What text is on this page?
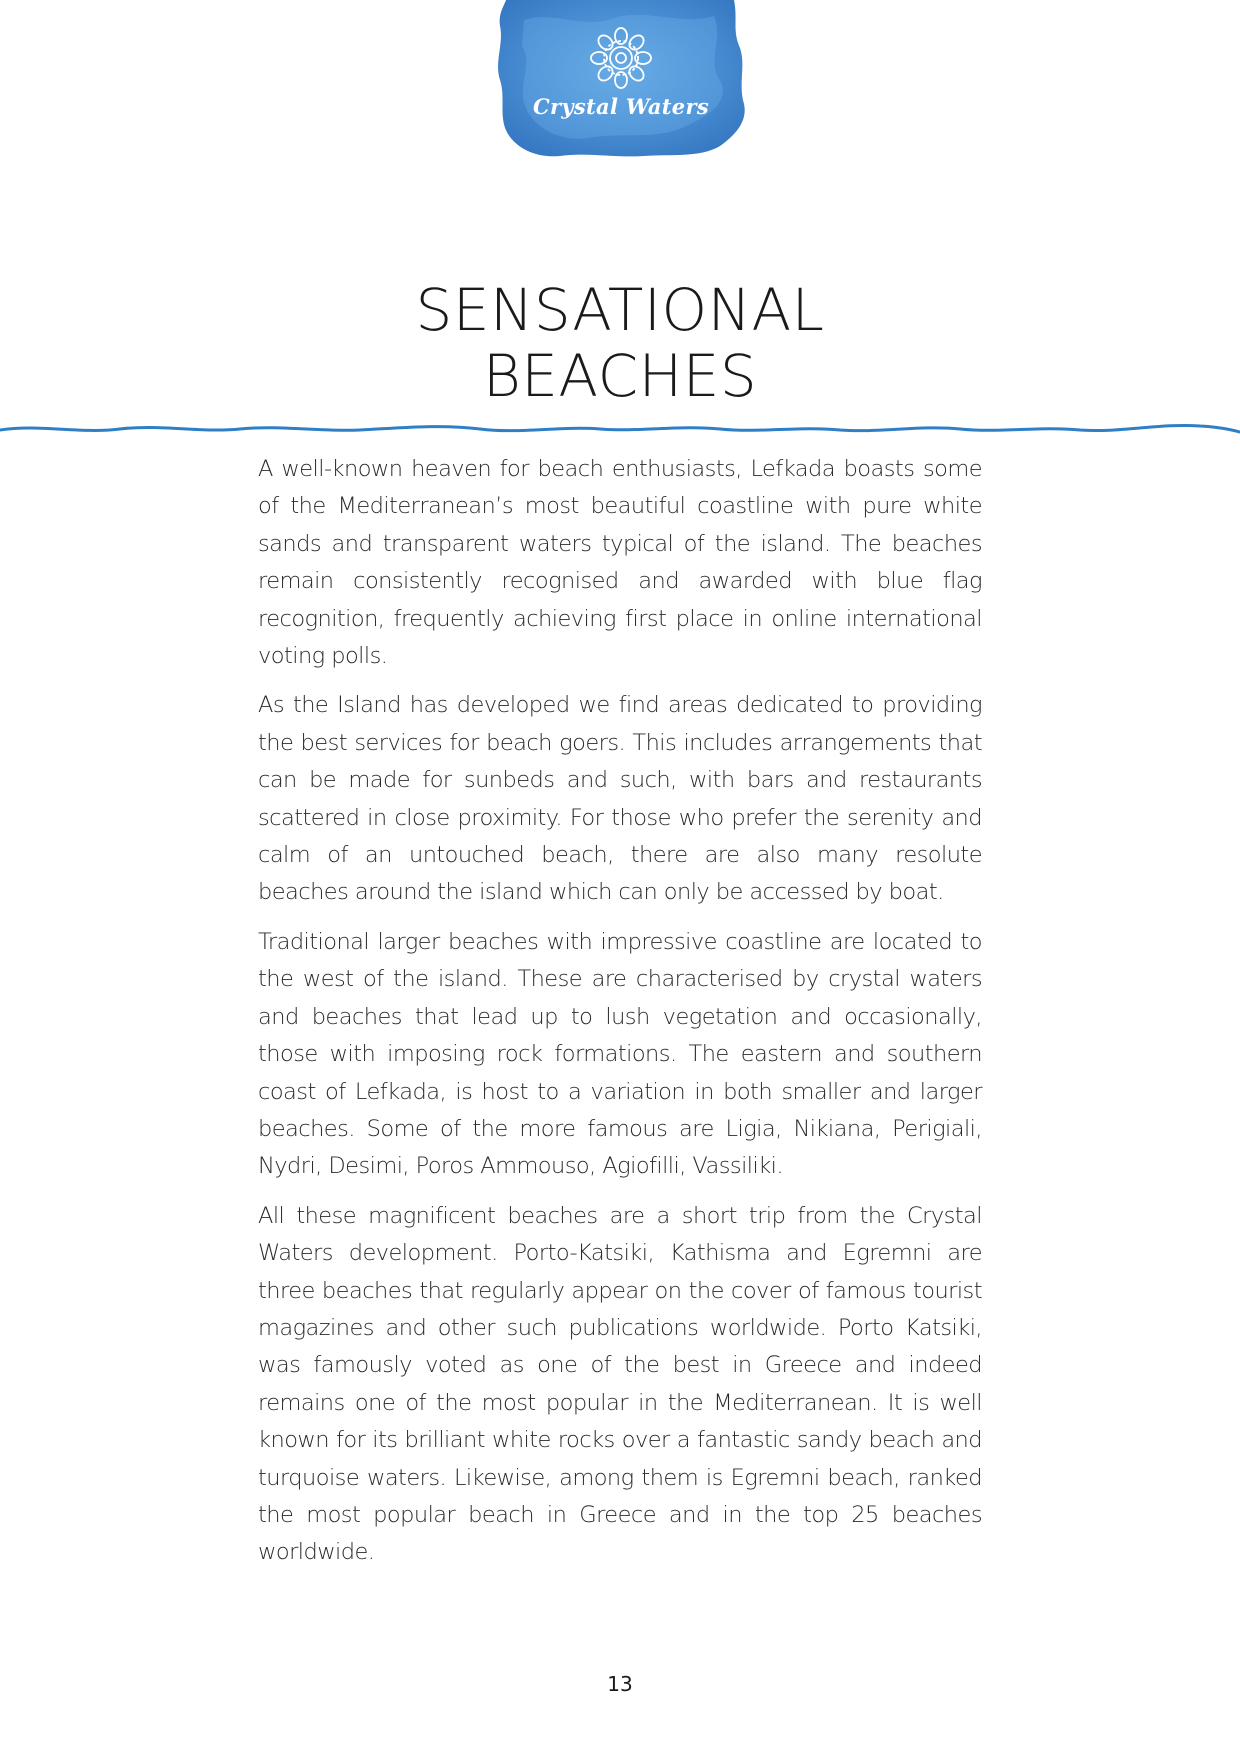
Crystal Waters
SENSATIONAL
BEACHES

A well-known heaven for beach enthusiasts, Lefkada boasts some of the Mediterranean’s most beautiful coastline with pure white sands and transparent waters typical of the island. The beaches remain consistently recognised and awarded with blue flag recognition, frequently achieving first place in online international voting polls.

As the Island has developed we find areas dedicated to providing the best services for beach goers. This includes arrangements that can be made for sunbeds and such, with bars and restaurants scattered in close proximity. For those who prefer the serenity and calm of an untouched beach, there are also many resolute beaches around the island which can only be accessed by boat.

Traditional larger beaches with impressive coastline are located to the west of the island. These are characterised by crystal waters and beaches that lead up to lush vegetation and occasionally, those with imposing rock formations. The eastern and southern coast of Lefkada, is host to a variation in both smaller and larger beaches. Some of the more famous are Ligia, Nikiana, Perigiali, Nydri, Desimi, Poros Ammouso, Agiofilli, Vassiliki.

All these magnificent beaches are a short trip from the Crystal Waters development. Porto-Katsiki, Kathisma and Egremni are three beaches that regularly appear on the cover of famous tourist magazines and other such publications worldwide. Porto Katsiki, was famously voted as one of the best in Greece and indeed remains one of the most popular in the Mediterranean. It is well known for its brilliant white rocks over a fantastic sandy beach and turquoise waters. Likewise, among them is Egremni beach, ranked the most popular beach in Greece and in the top 25 beaches worldwide.

13
